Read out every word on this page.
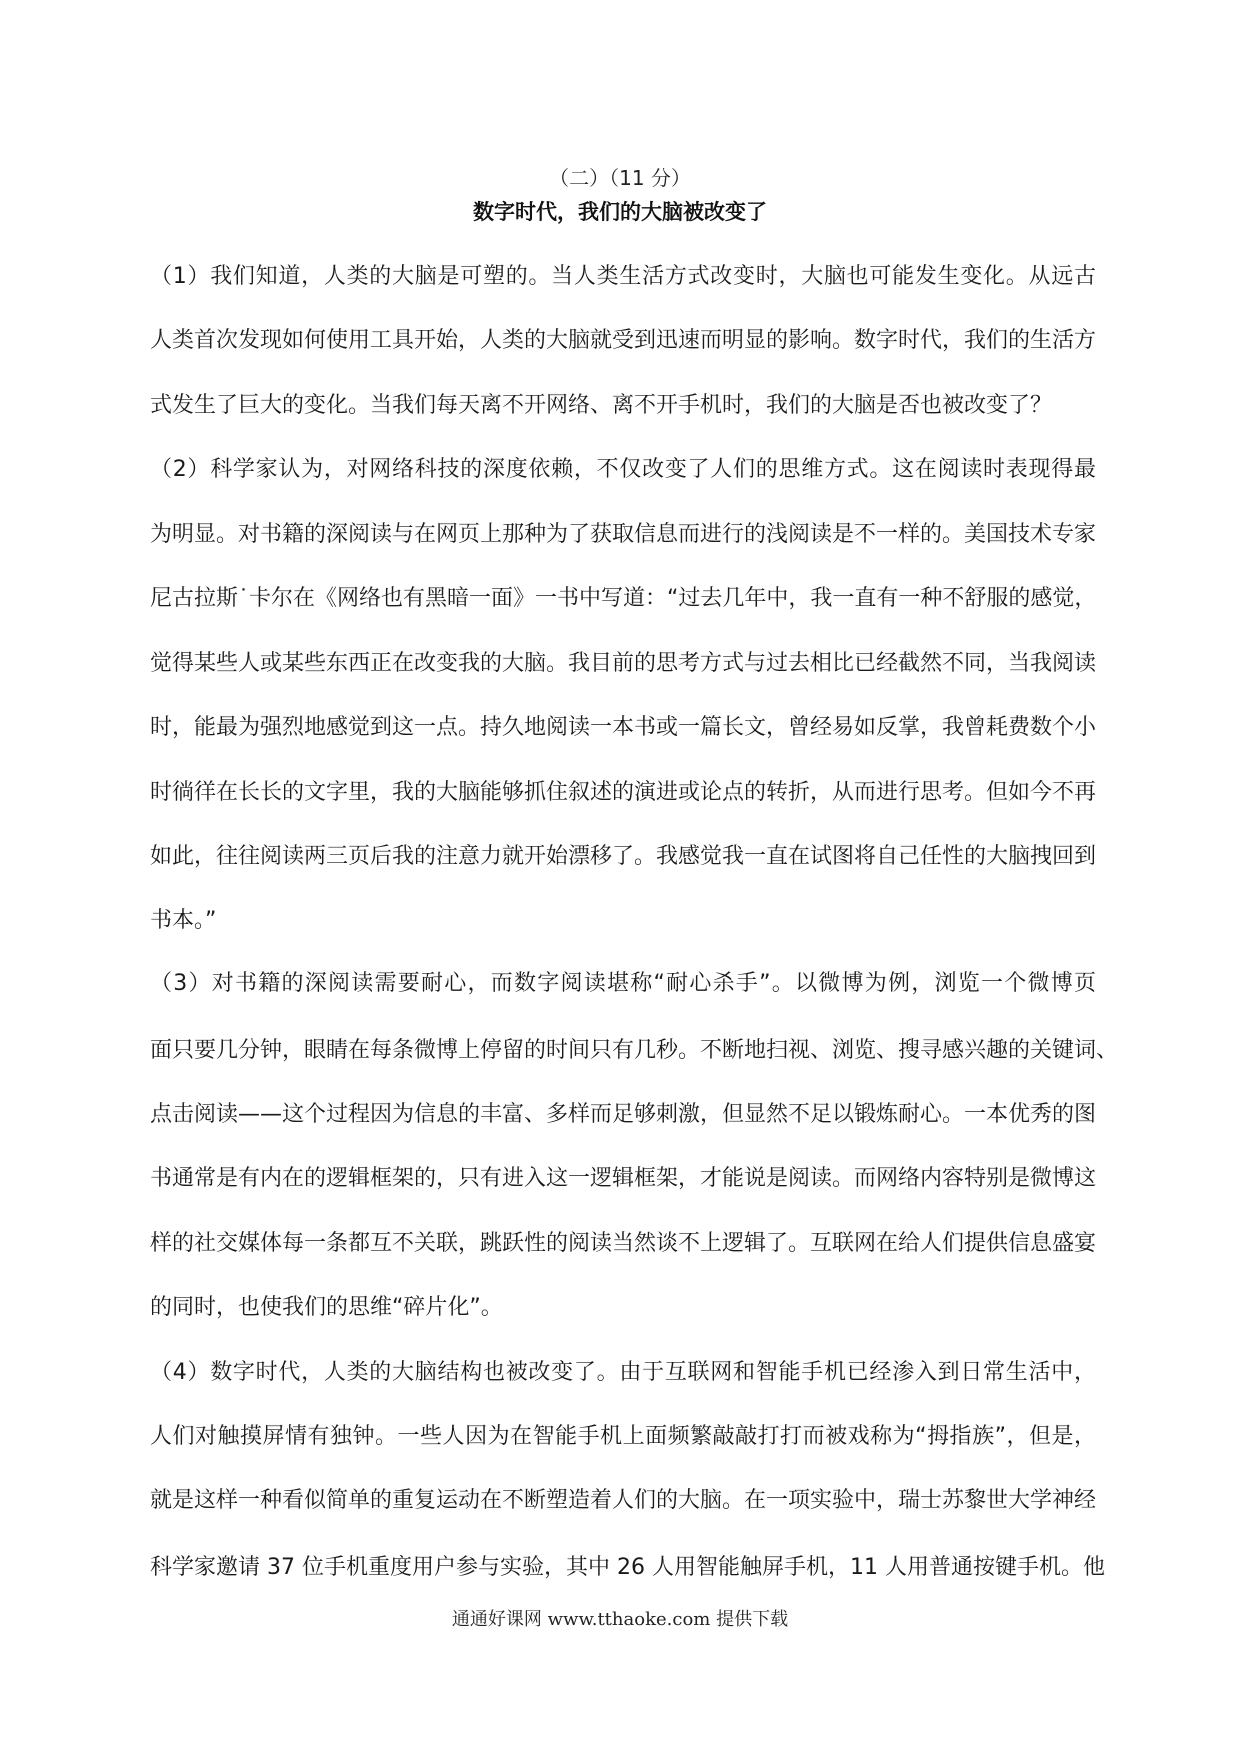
（二）（11 分）
数字时代，我们的大脑被改变了
（1）我们知道，人类的大脑是可塑的。当人类生活方式改变时，大脑也可能发生变化。从远古
人类首次发现如何使用工具开始，人类的大脑就受到迅速而明显的影响。数字时代，我们的生活方
式发生了巨大的变化。当我们每天离不开网络、离不开手机时，我们的大脑是否也被改变了？
（2）科学家认为，对网络科技的深度依赖，不仅改变了人们的思维方式。这在阅读时表现得最
为明显。对书籍的深阅读与在网页上那种为了获取信息而进行的浅阅读是不一样的。美国技术专家
尼古拉斯˙卡尔在《网络也有黑暗一面》一书中写道：“过去几年中，我一直有一种不舒服的感觉，
觉得某些人或某些东西正在改变我的大脑。我目前的思考方式与过去相比已经截然不同，当我阅读
时，能最为强烈地感觉到这一点。持久地阅读一本书或一篇长文，曾经易如反掌，我曾耗费数个小
时徜徉在长长的文字里，我的大脑能够抓住叙述的演进或论点的转折，从而进行思考。但如今不再
如此，往往阅读两三页后我的注意力就开始漂移了。我感觉我一直在试图将自己任性的大脑拽回到
书本。”
（3）对书籍的深阅读需要耐心，而数字阅读堪称“耐心杀手”。以微博为例，浏览一个微博页
面只要几分钟，眼睛在每条微博上停留的时间只有几秒。不断地扫视、浏览、搜寻感兴趣的关键词、
点击阅读——这个过程因为信息的丰富、多样而足够刺激，但显然不足以锻炼耐心。一本优秀的图
书通常是有内在的逻辑框架的，只有进入这一逻辑框架，才能说是阅读。而网络内容特别是微博这
样的社交媒体每一条都互不关联，跳跃性的阅读当然谈不上逻辑了。互联网在给人们提供信息盛宴
的同时，也使我们的思维“碎片化”。
（4）数字时代，人类的大脑结构也被改变了。由于互联网和智能手机已经渗入到日常生活中，
人们对触摸屏情有独钟。一些人因为在智能手机上面频繁敲敲打打而被戏称为“拇指族”，但是，
就是这样一种看似简单的重复运动在不断塑造着人们的大脑。在一项实验中，瑞士苏黎世大学神经
科学家邀请 37 位手机重度用户参与实验，其中 26 人用智能触屏手机，11 人用普通按键手机。他
通通好课网 www.tthaoke.com 提供下载
